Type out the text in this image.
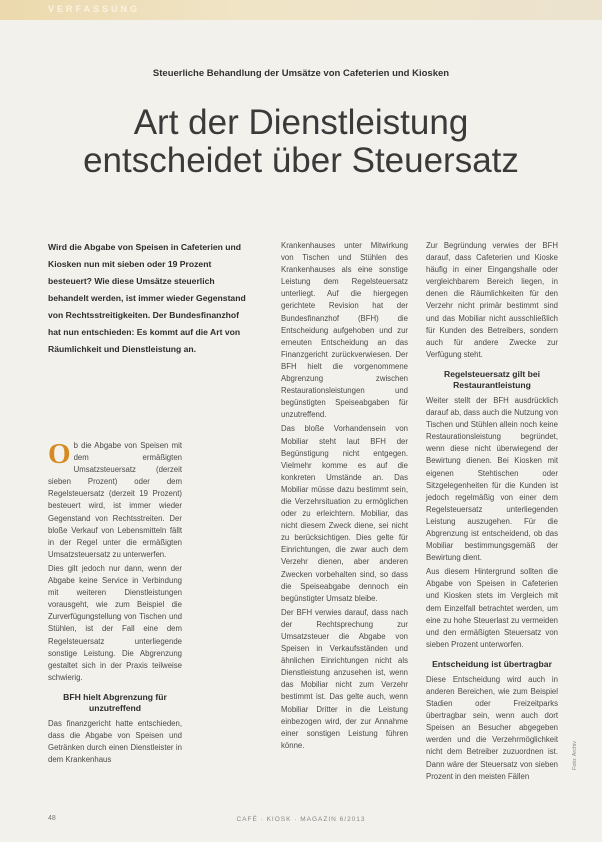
VERFASSUNG
Steuerliche Behandlung der Umsätze von Cafeterien und Kiosken
Art der Dienstleistung
entscheidet über Steuersatz
Wird die Abgabe von Speisen in Cafeterien und Kiosken nun mit sieben oder 19 Prozent besteuert? Wie diese Umsätze steuerlich behandelt werden, ist immer wieder Gegenstand von Rechtsstreitigkeiten. Der Bundesfinanzhof hat nun entschieden: Es kommt auf die Art von Räumlichkeit und Dienstleistung an.

Ob die Abgabe von Speisen mit dem ermäßigten Umsatzsteuersatz (derzeit sieben Prozent) oder dem Regelsteuersatz (derzeit 19 Prozent) besteuert wird, ist immer wieder Gegenstand von Rechtsstreiten. Der bloße Verkauf von Lebensmitteln fällt in der Regel unter die ermäßigten Umsatzsteuersatz zu unterwerfen.

Dies gilt jedoch nur dann, wenn der Abgabe keine Service in Verbindung mit weiteren Dienstleistungen vorausgeht, wie zum Beispiel die Zurverfügungstellung von Tischen und Stühlen, ist der Fall eine dem Regelsteuersatz unterliegende sonstige Leistung. Die Abgrenzung gestaltet sich in der Praxis teilweise schwierig.

BFH hielt Abgrenzung für unzutreffend

Das finanzgericht hatte entschieden, dass die Abgabe von Speisen und Getränken durch einen Dienstleister in dem Krankenhaus

Krankenhauses unter Mitwirkung von Tischen und Stühlen des Krankenhauses als eine sonstige Leistung dem Regelsteuersatz unterliegt. Auf die hiergegen gerichtete Revision hat der Bundesfinanzhof (BFH) die Entscheidung aufgehoben und zur erneuten Entscheidung an das Finanzgericht zurückverwiesen. Der BFH hielt die vorgenommene Abgrenzung zwischen Restaurationsleistungen und begünstigten Speiseabgaben für unzutreffend.

Das bloße Vorhandensein von Mobiliar steht laut BFH der Begünstigung nicht entgegen. Vielmehr komme es auf die konkreten Umstände an. Das Mobiliar müsse dazu bestimmt sein, die Verzehrsituation zu ermöglichen oder zu erleichtern. Mobiliar, das nicht diesem Zweck diene, sei nicht zu berücksichtigen. Dies gelte für Einrichtungen, die zwar auch dem Verzehr dienen, aber anderen Zwecken vorbehalten sind, so dass die Speiseabgabe dennoch ein begünstigter Umsatz bleibe.

Der BFH verwies darauf, dass nach der Rechtsprechung zur Umsatzsteuer die Abgabe von Speisen in Verkaufsständen und ähnlichen Einrichtungen nicht als Dienstleistung anzusehen ist, wenn das Mobiliar nicht zum Verzehr bestimmt ist. Das gelte auch, wenn Mobiliar Dritter in die Leistung einbezogen wird, der zur Annahme einer sonstigen Leistung führen könne.

Zur Begründung verwies der BFH darauf, dass Cafeterien und Kioske häufig in einer Eingangshalle oder vergleichbarem Bereich liegen, in denen die Räumlichkeiten für den Verzehr nicht primär bestimmt sind und das Mobiliar nicht ausschließlich für Kunden des Betreibers, sondern auch für andere Zwecke zur Verfügung steht.

Regelsteuersatz gilt bei Restaurantleistung

Weiter stellt der BFH ausdrücklich darauf ab, dass auch die Nutzung von Tischen und Stühlen allein noch keine Restaurationsleistung begründet, wenn diese nicht überwiegend der Bewirtung dienen. Bei Kiosken mit eigenen Stehtischen oder Sitzgelegenheiten für die Kunden ist jedoch regelmäßig von einer dem Regelsteuersatz unterliegenden Leistung auszugehen. Für die Abgrenzung ist entscheidend, ob das Mobiliar bestimmungsgemäß der Bewirtung dient.

Aus diesem Hintergrund sollten die Abgabe von Speisen in Cafeterien und Kiosken stets im Vergleich mit dem Einzelfall betrachtet werden, um eine zu hohe Steuerlast zu vermeiden und den ermäßigten Steuersatz von sieben Prozent unterworfen.

Entscheidung ist übertragbar

Diese Entscheidung wird auch in anderen Bereichen, wie zum Beispiel Stadien oder Freizeitparks übertragbar sein, wenn auch dort Speisen an Besucher abgegeben werden und die Verzehrmöglichkeit nicht dem Betreiber zuzuordnen ist. Dann wäre der Steuersatz von sieben Prozent in den meisten Fällen

Foto: Archiv
48	CAFÉ · KIOSK · MAGAZIN 6/2013
